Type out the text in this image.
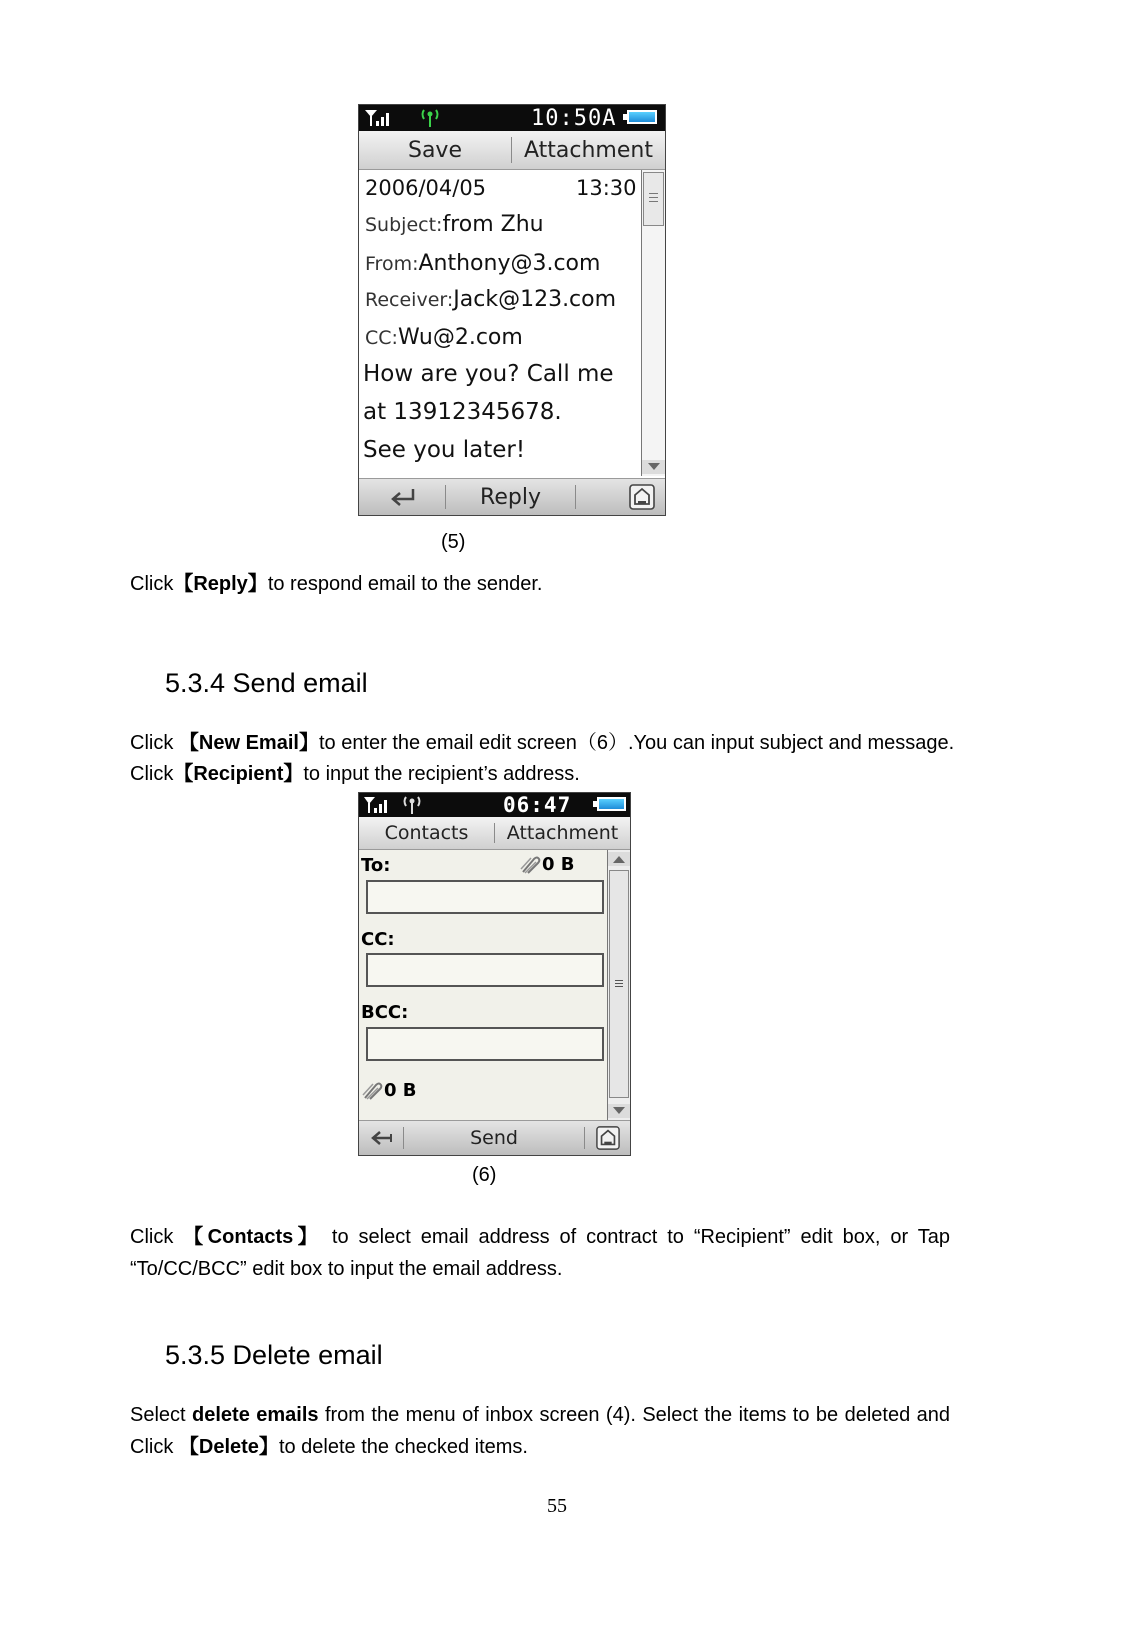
10:50A
Save	Attachment
2006/04/05	13:30
Subject:from Zhu
From:Anthony@3.com
Receiver:Jack@123.com
CC:Wu@2.com
How are you? Call me
at 13912345678.
See you later!
Reply
(5)
Click【Reply】to respond email to the sender.
5.3.4 Send email
Click 【New Email】to enter the email edit screen（6）.You can input subject and message.
Click【Recipient】to input the recipient’s address.
06:47
Contacts	Attachment
To:	0 B
CC:
BCC:
0 B
Send
(6)
Click 【Contacts】 to select email address of contract to “Recipient” edit box, or Tap “To/CC/BCC” edit box to input the email address.
5.3.5 Delete email
Select delete emails from the menu of inbox screen (4). Select the items to be deleted and Click 【Delete】to delete the checked items.
55
